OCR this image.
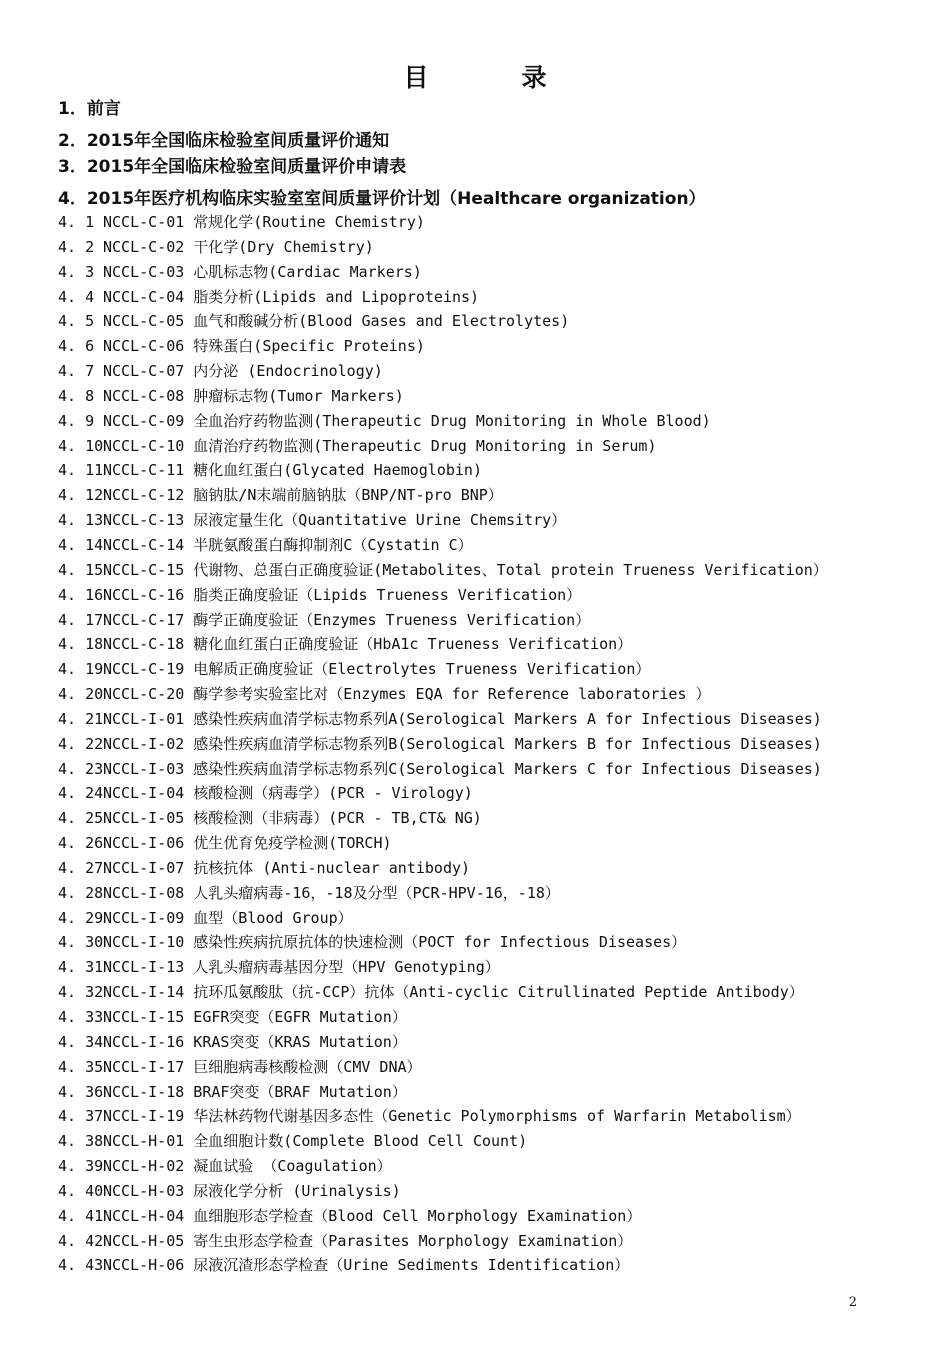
目　录
1．前言
2．2015年全国临床检验室间质量评价通知
3．2015年全国临床检验室间质量评价申请表
4．2015年医疗机构临床实验室室间质量评价计划（Healthcare organization）
4. 1 NCCL-C-01 常规化学(Routine Chemistry)
4. 2 NCCL-C-02 干化学(Dry Chemistry)
4. 3 NCCL-C-03 心肌标志物(Cardiac Markers)
4. 4 NCCL-C-04 脂类分析(Lipids and Lipoproteins)
4. 5 NCCL-C-05 血气和酸碱分析(Blood Gases and Electrolytes)
4. 6 NCCL-C-06 特殊蛋白(Specific Proteins)
4. 7 NCCL-C-07 内分泌 (Endocrinology)
4. 8 NCCL-C-08 肿瘤标志物(Tumor Markers)
4. 9 NCCL-C-09 全血治疗药物监测(Therapeutic Drug Monitoring in Whole Blood)
4. 10NCCL-C-10 血清治疗药物监测(Therapeutic Drug Monitoring in Serum)
4. 11NCCL-C-11 糖化血红蛋白(Glycated Haemoglobin)
4. 12NCCL-C-12 脑钠肽/N末端前脑钠肽（BNP/NT-pro BNP）
4. 13NCCL-C-13 尿液定量生化（Quantitative Urine Chemsitry）
4. 14NCCL-C-14 半胱氨酸蛋白酶抑制剂C（Cystatin C）
4. 15NCCL-C-15 代谢物、总蛋白正确度验证(Metabolites、Total protein Trueness Verification）
4. 16NCCL-C-16 脂类正确度验证（Lipids Trueness Verification）
4. 17NCCL-C-17 酶学正确度验证（Enzymes Trueness Verification）
4. 18NCCL-C-18 糖化血红蛋白正确度验证（HbA1c Trueness Verification）
4. 19NCCL-C-19 电解质正确度验证（Electrolytes Trueness Verification）
4. 20NCCL-C-20 酶学参考实验室比对（Enzymes EQA for Reference laboratories ）
4. 21NCCL-I-01 感染性疾病血清学标志物系列A(Serological Markers A for Infectious Diseases)
4. 22NCCL-I-02 感染性疾病血清学标志物系列B(Serological Markers B for Infectious Diseases)
4. 23NCCL-I-03 感染性疾病血清学标志物系列C(Serological Markers C for Infectious Diseases)
4. 24NCCL-I-04 核酸检测（病毒学）(PCR - Virology)
4. 25NCCL-I-05 核酸检测（非病毒）(PCR - TB,CT& NG)
4. 26NCCL-I-06 优生优育免疫学检测(TORCH)
4. 27NCCL-I-07 抗核抗体 (Anti-nuclear antibody)
4. 28NCCL-I-08 人乳头瘤病毒-16，-18及分型（PCR-HPV-16，-18）
4. 29NCCL-I-09 血型（Blood Group）
4. 30NCCL-I-10 感染性疾病抗原抗体的快速检测（POCT for Infectious Diseases）
4. 31NCCL-I-13 人乳头瘤病毒基因分型（HPV Genotyping）
4. 32NCCL-I-14 抗环瓜氨酸肽（抗-CCP）抗体（Anti-cyclic Citrullinated Peptide Antibody）
4. 33NCCL-I-15 EGFR突变（EGFR Mutation）
4. 34NCCL-I-16 KRAS突变（KRAS Mutation）
4. 35NCCL-I-17 巨细胞病毒核酸检测（CMV DNA）
4. 36NCCL-I-18 BRAF突变（BRAF Mutation）
4. 37NCCL-I-19 华法林药物代谢基因多态性（Genetic Polymorphisms of Warfarin Metabolism）
4. 38NCCL-H-01 全血细胞计数(Complete Blood Cell Count)
4. 39NCCL-H-02 凝血试验 （Coagulation）
4. 40NCCL-H-03 尿液化学分析 (Urinalysis)
4. 41NCCL-H-04 血细胞形态学检查（Blood Cell Morphology Examination）
4. 42NCCL-H-05 寄生虫形态学检查（Parasites Morphology Examination）
4. 43NCCL-H-06 尿液沉渣形态学检查（Urine Sediments Identification）
2
